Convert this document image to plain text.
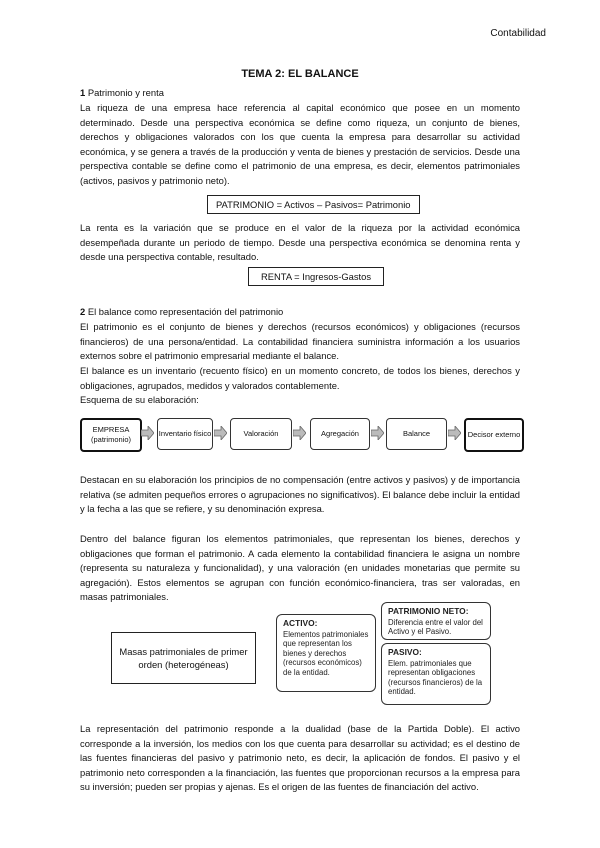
Contabilidad
TEMA 2: EL BALANCE
1 Patrimonio y renta

La riqueza de una empresa hace referencia al capital económico que posee en un momento determinado. Desde una perspectiva económica se define como riqueza, un conjunto de bienes, derechos y obligaciones valorados con los que cuenta la empresa para desarrollar su actividad económica, y se genera a través de la producción y venta de bienes y prestación de servicios. Desde una perspectiva contable se define como el patrimonio de una empresa, es decir, elementos patrimoniales (activos, pasivos y patrimonio neto).

PATRIMONIO = Activos – Pasivos= Patrimonio

La renta es la variación que se produce en el valor de la riqueza por la actividad económica desempeñada durante un periodo de tiempo. Desde una perspectiva económica se denomina renta y desde una perspectiva contable, resultado.

RENTA = Ingresos-Gastos
2 El balance como representación del patrimonio

El patrimonio es el conjunto de bienes y derechos (recursos económicos) y obligaciones (recursos financieros) de una persona/entidad. La contabilidad financiera suministra información a los usuarios externos sobre el patrimonio empresarial mediante el balance.

El balance es un inventario (recuento físico) en un momento concreto, de todos los bienes, derechos y obligaciones, agrupados, medidos y valorados contablemente.

Esquema de su elaboración:

EMPRESA (patrimonio)
Inventario físico	Valoración	Agregación	Balance	Decisor externo

Destacan en su elaboración los principios de no compensación (entre activos y pasivos) y de importancia relativa (se admiten pequeños errores o agrupaciones no significativos). El balance debe incluir la entidad y la fecha a las que se refiere, y su denominación expresa.

Dentro del balance figuran los elementos patrimoniales, que representan los bienes, derechos y obligaciones que forman el patrimonio. A cada elemento la contabilidad financiera le asigna un nombre (representa su naturaleza y funcionalidad), y una valoración (en unidades monetarias que permite su agregación). Estos elementos se agrupan con función económico-financiera, tras ser valoradas, en masas patrimoniales.

Masas patrimoniales de primer orden (heterogéneas)
ACTIVO:
Elementos patrimoniales que representan los bienes y derechos (recursos económicos) de la entidad.
PATRIMONIO NETO:
Diferencia entre el valor del Activo y el Pasivo.
PASIVO:
Elem. patrimoniales que representan obligaciones (recursos financieros) de la entidad.

La representación del patrimonio responde a la dualidad (base de la Partida Doble). El activo corresponde a la inversión, los medios con los que cuenta para desarrollar su actividad; es el destino de las fuentes financieras del pasivo y patrimonio neto, es decir, la aplicación de fondos. El pasivo y el patrimonio neto corresponden a la financiación, las fuentes que proporcionan recursos a la empresa para su inversión; pueden ser propias y ajenas. Es el origen de las fuentes de financiación del activo.
